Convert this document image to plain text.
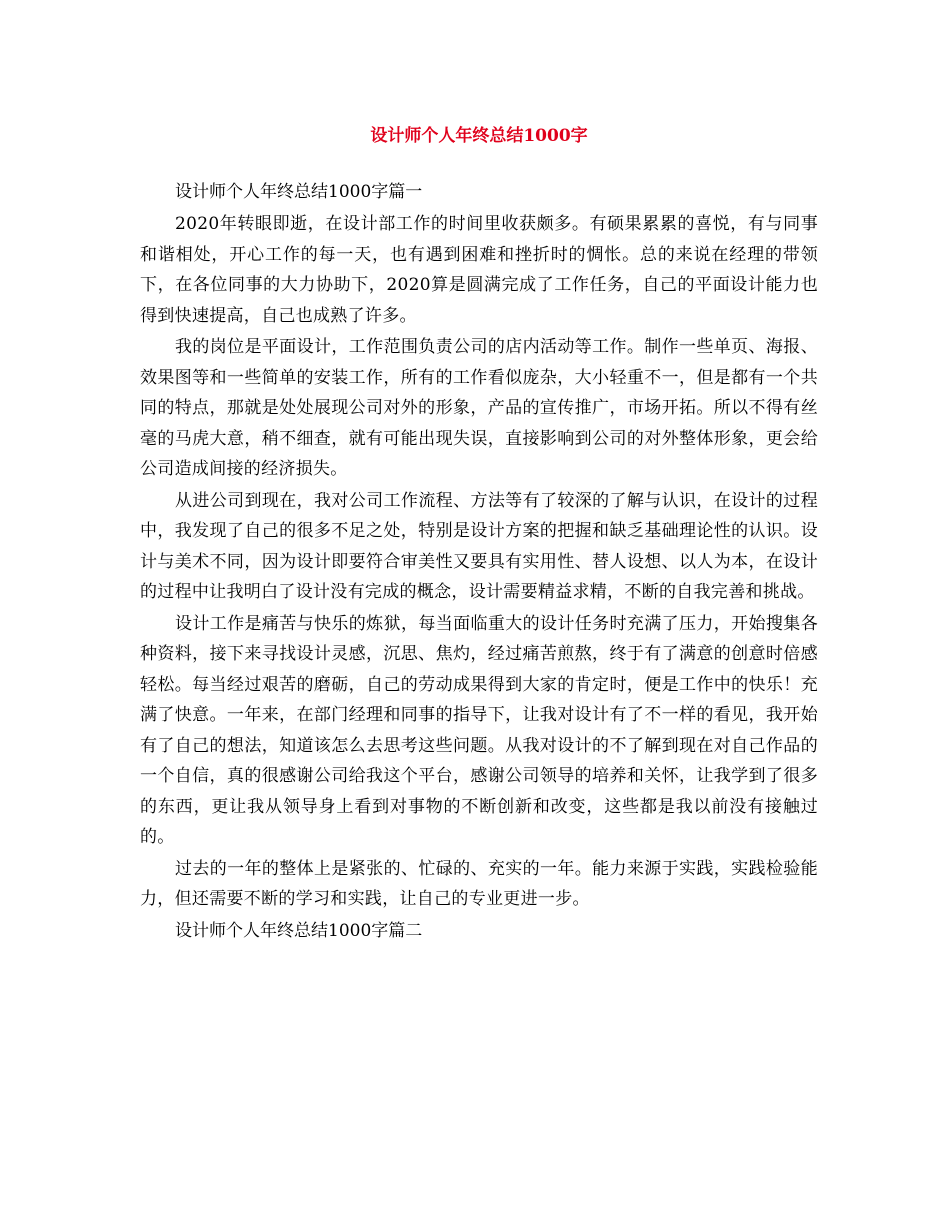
设计师个人年终总结1000字
设计师个人年终总结1000字篇一

2020年转眼即逝，在设计部工作的时间里收获颇多。有硕果累累的喜悦，有与同事和谐相处，开心工作的每一天，也有遇到困难和挫折时的惆怅。总的来说在经理的带领下，在各位同事的大力协助下，2020算是圆满完成了工作任务，自己的平面设计能力也得到快速提高，自己也成熟了许多。

我的岗位是平面设计，工作范围负责公司的店内活动等工作。制作一些单页、海报、效果图等和一些简单的安装工作，所有的工作看似庞杂，大小轻重不一，但是都有一个共同的特点，那就是处处展现公司对外的形象，产品的宣传推广，市场开拓。所以不得有丝毫的马虎大意，稍不细查，就有可能出现失误，直接影响到公司的对外整体形象，更会给公司造成间接的经济损失。

从进公司到现在，我对公司工作流程、方法等有了较深的了解与认识，在设计的过程中，我发现了自己的很多不足之处，特别是设计方案的把握和缺乏基础理论性的认识。设计与美术不同，因为设计即要符合审美性又要具有实用性、替人设想、以人为本，在设计的过程中让我明白了设计没有完成的概念，设计需要精益求精，不断的自我完善和挑战。

设计工作是痛苦与快乐的炼狱，每当面临重大的设计任务时充满了压力，开始搜集各种资料，接下来寻找设计灵感，沉思、焦灼，经过痛苦煎熬，终于有了满意的创意时倍感轻松。每当经过艰苦的磨砺，自己的劳动成果得到大家的肯定时，便是工作中的快乐！充满了快意。一年来，在部门经理和同事的指导下，让我对设计有了不一样的看见，我开始有了自己的想法，知道该怎么去思考这些问题。从我对设计的不了解到现在对自己作品的一个自信，真的很感谢公司给我这个平台，感谢公司领导的培养和关怀，让我学到了很多的东西，更让我从领导身上看到对事物的不断创新和改变，这些都是我以前没有接触过的。

过去的一年的整体上是紧张的、忙碌的、充实的一年。能力来源于实践，实践检验能力，但还需要不断的学习和实践，让自己的专业更进一步。

设计师个人年终总结1000字篇二
